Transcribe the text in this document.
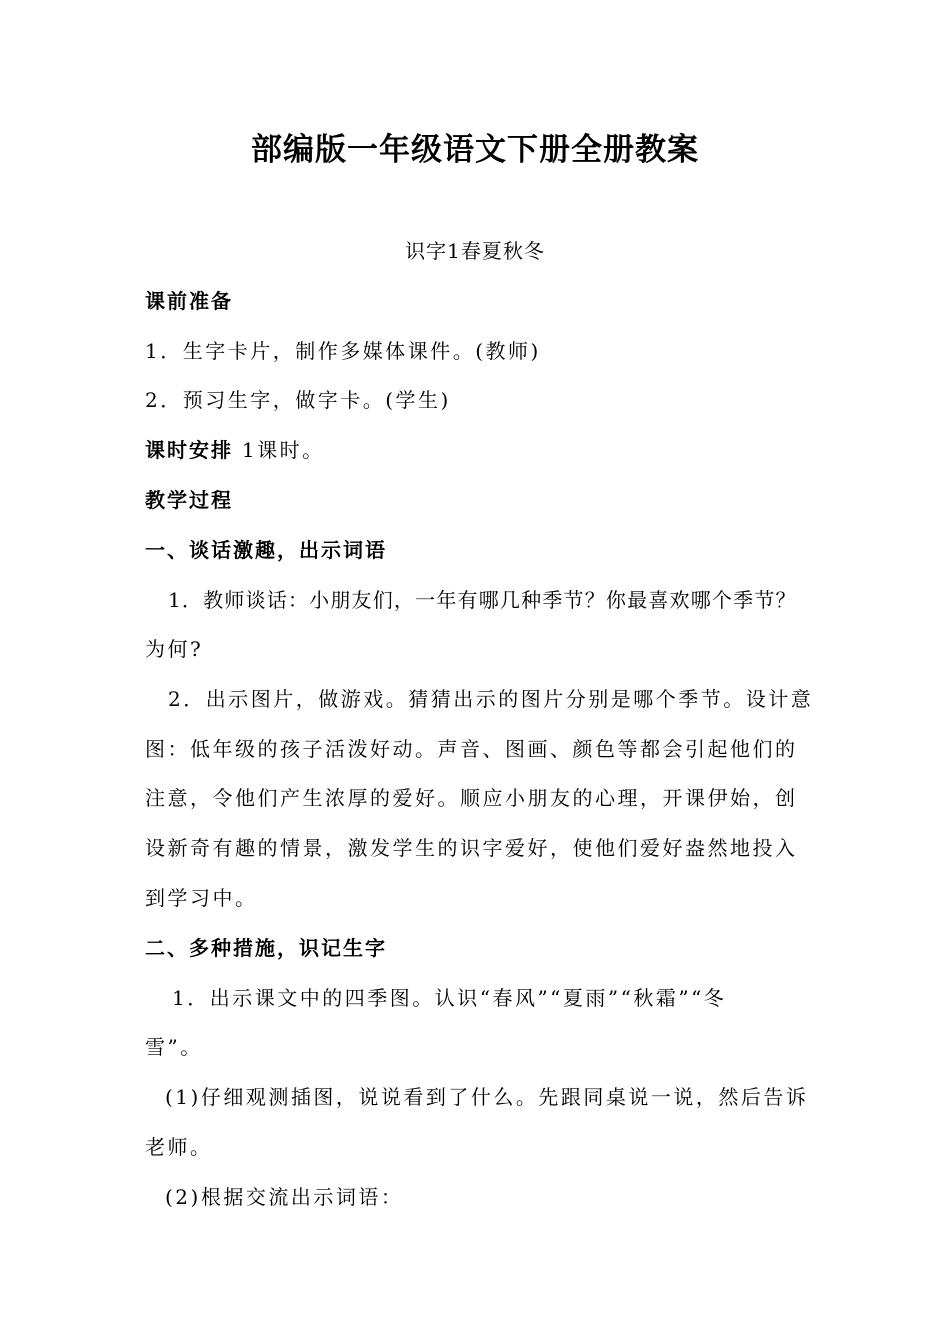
部编版一年级语文下册全册教案
识字1春夏秋冬
课前准备
1．生字卡片，制作多媒体课件。(教师)
2．预习生字，做字卡。(学生)
课时安排 1课时。
教学过程
一、谈话激趣，出示词语
1．教师谈话：小朋友们，一年有哪几种季节？你最喜欢哪个季节？
为何?
2．出示图片，做游戏。猜猜出示的图片分别是哪个季节。设计意
图：低年级的孩子活泼好动。声音、图画、颜色等都会引起他们的
注意，令他们产生浓厚的爱好。顺应小朋友的心理，开课伊始，创
设新奇有趣的情景，激发学生的识字爱好，使他们爱好盎然地投入
到学习中。
二、多种措施，识记生字
1．出示课文中的四季图。认识“春风”“夏雨”“秋霜”“冬
雪”。
(1)仔细观测插图，说说看到了什么。先跟同桌说一说，然后告诉
老师。
(2)根据交流出示词语：
